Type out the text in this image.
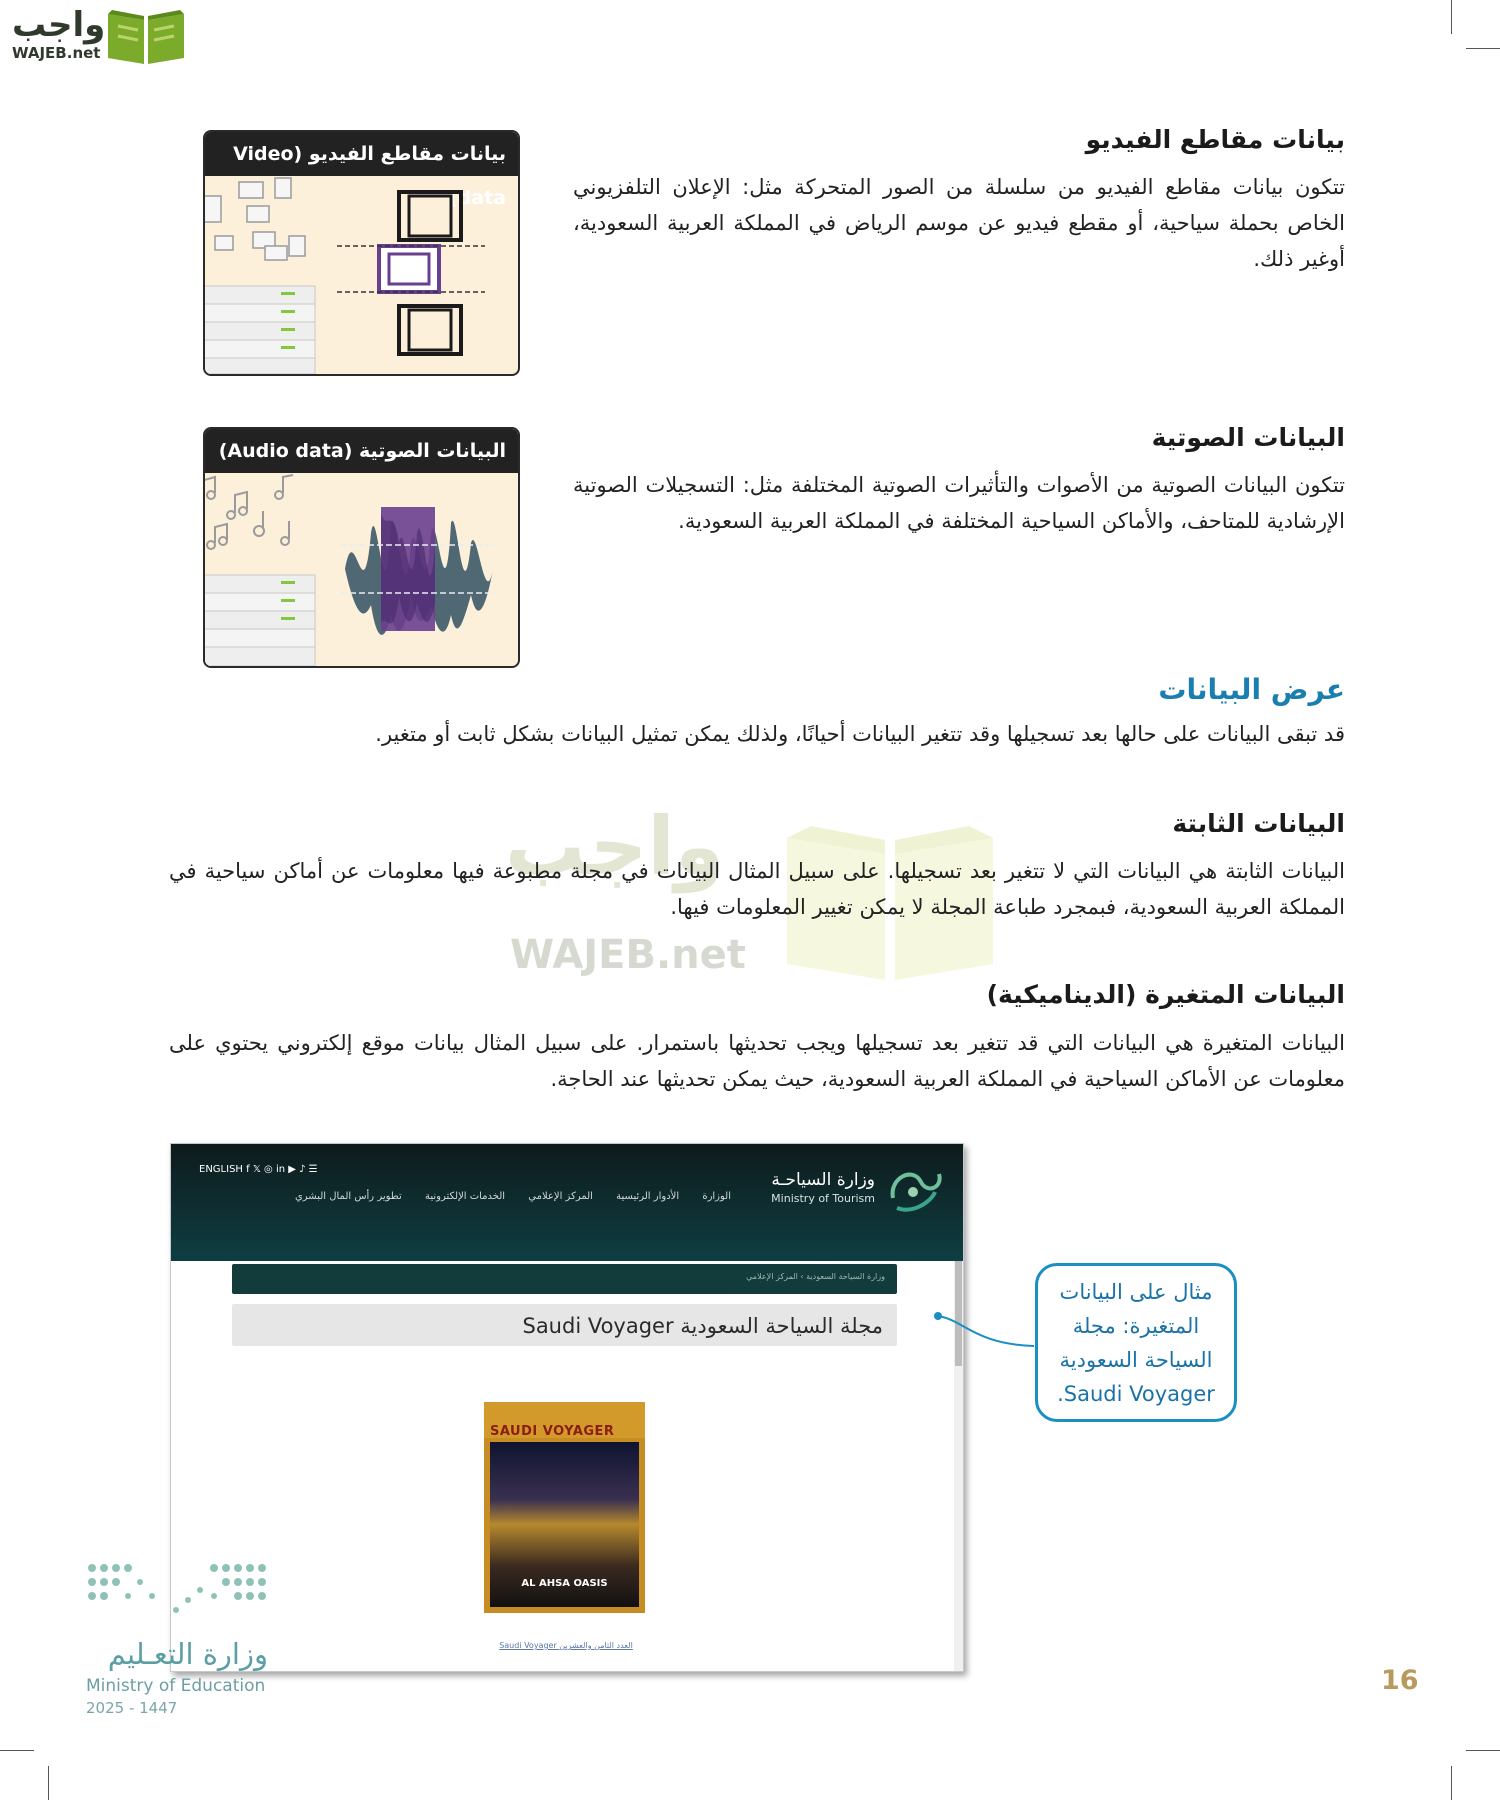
واجب
WAJEB.net
واجب
WAJEB.net
بيانات مقاطع الفيديو
تتكون بيانات مقاطع الفيديو من سلسلة من الصور المتحركة مثل: الإعلان التلفزيوني الخاص بحملة سياحية، أو مقطع فيديو عن موسم الرياض في المملكة العربية السعودية، أوغير ذلك.
بيانات مقاطع الفيديو (Video data)
البيانات الصوتية
تتكون البيانات الصوتية من الأصوات والتأثيرات الصوتية المختلفة مثل: التسجيلات الصوتية الإرشادية للمتاحف، والأماكن السياحية المختلفة في المملكة العربية السعودية.
البيانات الصوتية (Audio data)
عرض البيانات
قد تبقى البيانات على حالها بعد تسجيلها وقد تتغير البيانات أحيانًا، ولذلك يمكن تمثيل البيانات بشكل ثابت أو متغير.
البيانات الثابتة
البيانات الثابتة هي البيانات التي لا تتغير بعد تسجيلها. على سبيل المثال البيانات في مجلة مطبوعة فيها معلومات عن أماكن سياحية في المملكة العربية السعودية، فبمجرد طباعة المجلة لا يمكن تغيير المعلومات فيها.
البيانات المتغيرة (الديناميكية)
البيانات المتغيرة هي البيانات التي قد تتغير بعد تسجيلها ويجب تحديثها باستمرار. على سبيل المثال بيانات موقع إلكتروني يحتوي على معلومات عن الأماكن السياحية في المملكة العربية السعودية، حيث يمكن تحديثها عند الحاجة.
وزارة السياحـة
Ministry of Tourism
الوزارة الأدوار الرئيسية المركز الإعلامي الخدمات الإلكترونية تطوير رأس المال البشري
ENGLISH f 𝕏 ◎ in ▶ ♪ ☰
وزارة السياحة السعودية › المركز الإعلامي
مجلة السياحة السعودية Saudi Voyager
SAUDI VOYAGER
AL AHSA OASIS
العدد الثامن والعشرين Saudi Voyager
مثال على البيانات
المتغيرة: مجلة
السياحة السعودية
Saudi Voyager.
وزارة التعـليم
Ministry of Education
2025 - 1447
16
